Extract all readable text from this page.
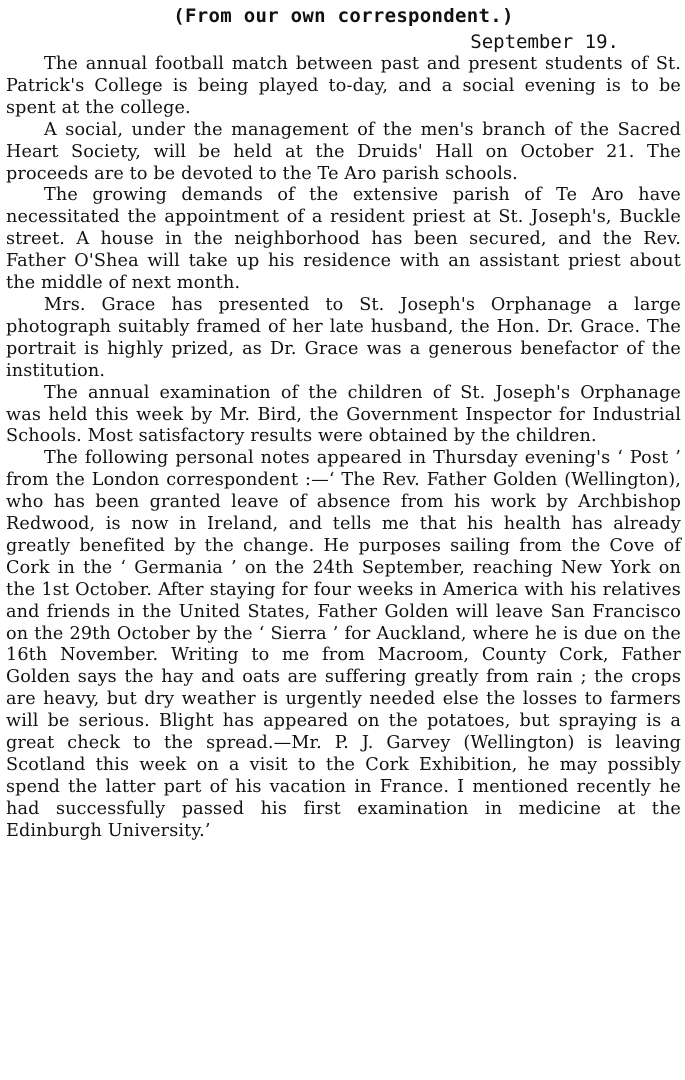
(From our own correspondent.)
September 19.

The annual football match between past and present students of St. Patrick's College is being played to-day, and a social evening is to be spent at the college.

A social, under the management of the men's branch of the Sacred Heart Society, will be held at the Druids' Hall on October 21. The proceeds are to be devoted to the Te Aro parish schools.

The growing demands of the extensive parish of Te Aro have necessitated the appointment of a resident priest at St. Joseph's, Buckle street. A house in the neighborhood has been secured, and the Rev. Father O'Shea will take up his residence with an assistant priest about the middle of next month.

Mrs. Grace has presented to St. Joseph's Orphanage a large photograph suitably framed of her late husband, the Hon. Dr. Grace. The portrait is highly prized, as Dr. Grace was a generous benefactor of the institution.

The annual examination of the children of St. Joseph's Orphanage was held this week by Mr. Bird, the Government Inspector for Industrial Schools. Most satisfactory results were obtained by the children.

The following personal notes appeared in Thursday evening's ‘ Post ’ from the London correspondent :—‘ The Rev. Father Golden (Wellington), who has been granted leave of absence from his work by Archbishop Redwood, is now in Ireland, and tells me that his health has already greatly benefited by the change. He purposes sailing from the Cove of Cork in the ‘ Germania ’ on the 24th September, reaching New York on the 1st October. After staying for four weeks in America with his relatives and friends in the United States, Father Golden will leave San Francisco on the 29th October by the ‘ Sierra ’ for Auckland, where he is due on the 16th November. Writing to me from Macroom, County Cork, Father Golden says the hay and oats are suffering greatly from rain ; the crops are heavy, but dry weather is urgently needed else the losses to farmers will be serious. Blight has appeared on the potatoes, but spraying is a great check to the spread.—Mr. P. J. Garvey (Wellington) is leaving Scotland this week on a visit to the Cork Exhibition, he may possibly spend the latter part of his vacation in France. I mentioned recently he had successfully passed his first examination in medicine at the Edinburgh University.’
